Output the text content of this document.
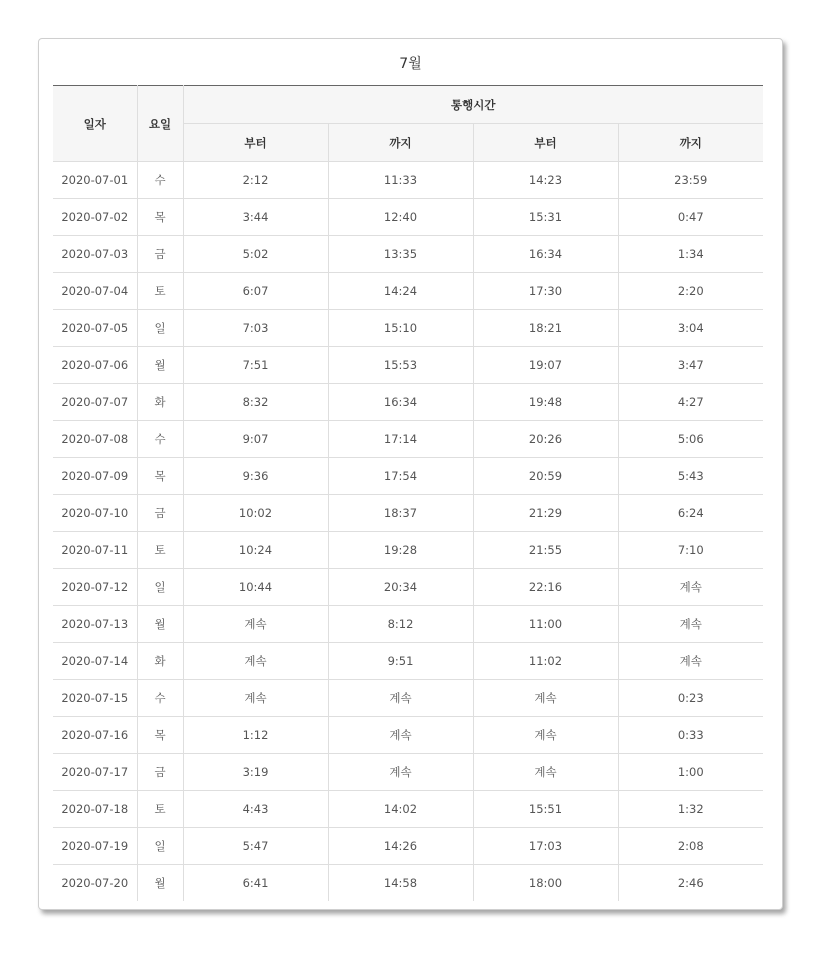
7월
일자	요일	통행시간			
		부터	까지	부터	까지
2020-07-01	수	2:12	11:33	14:23	23:59
2020-07-02	목	3:44	12:40	15:31	0:47
2020-07-03	금	5:02	13:35	16:34	1:34
2020-07-04	토	6:07	14:24	17:30	2:20
2020-07-05	일	7:03	15:10	18:21	3:04
2020-07-06	월	7:51	15:53	19:07	3:47
2020-07-07	화	8:32	16:34	19:48	4:27
2020-07-08	수	9:07	17:14	20:26	5:06
2020-07-09	목	9:36	17:54	20:59	5:43
2020-07-10	금	10:02	18:37	21:29	6:24
2020-07-11	토	10:24	19:28	21:55	7:10
2020-07-12	일	10:44	20:34	22:16	계속
2020-07-13	월	계속	8:12	11:00	계속
2020-07-14	화	계속	9:51	11:02	계속
2020-07-15	수	계속	계속	계속	0:23
2020-07-16	목	1:12	계속	계속	0:33
2020-07-17	금	3:19	계속	계속	1:00
2020-07-18	토	4:43	14:02	15:51	1:32
2020-07-19	일	5:47	14:26	17:03	2:08
2020-07-20	월	6:41	14:58	18:00	2:46
